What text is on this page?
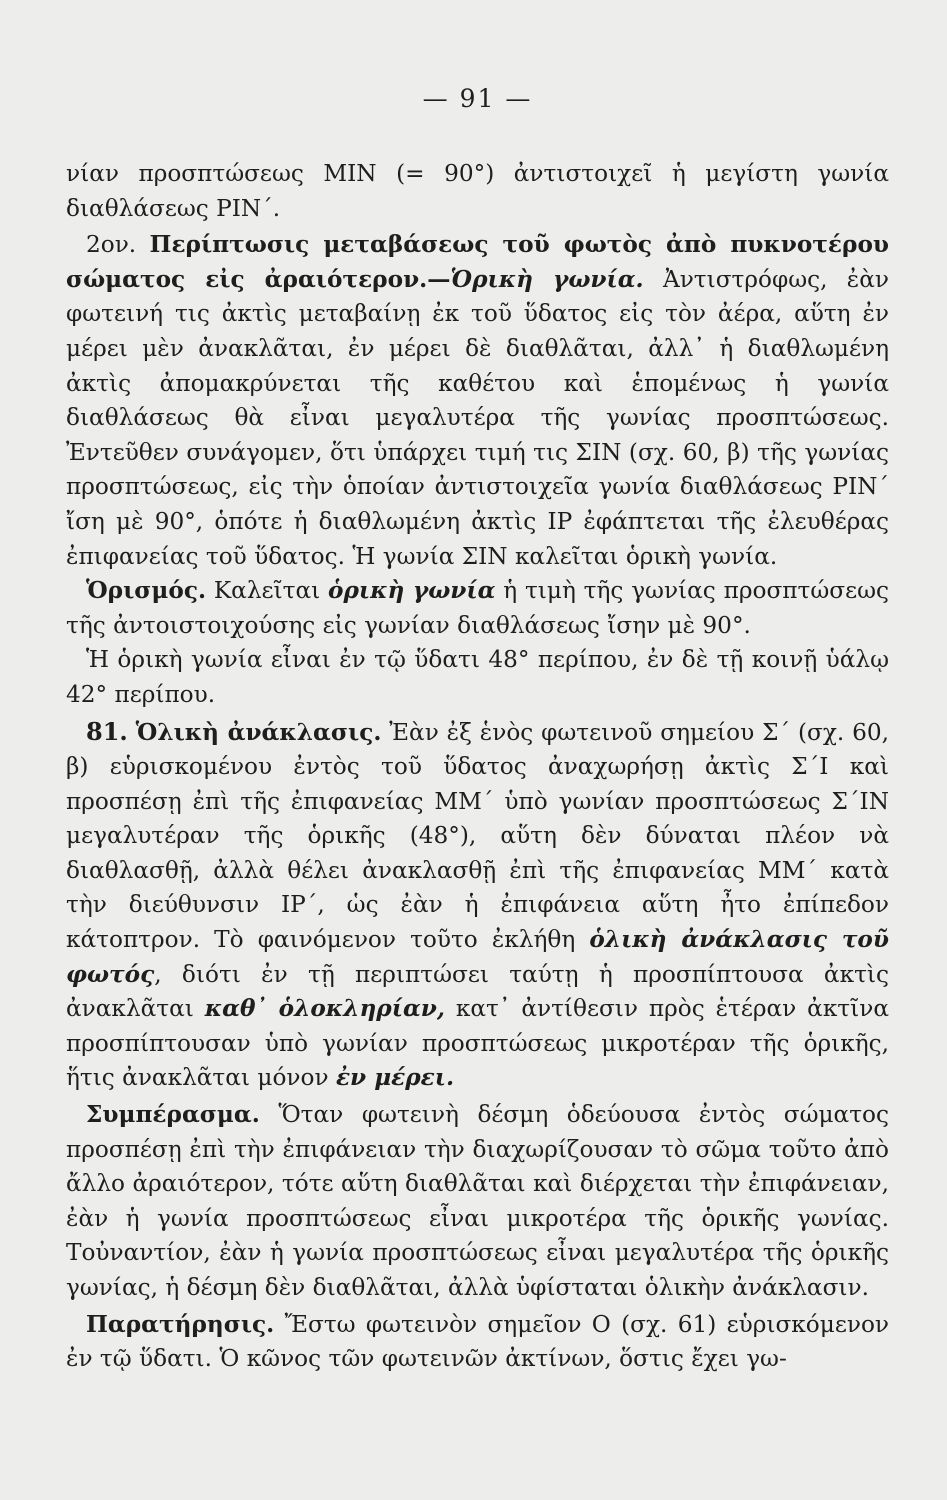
— 91 —

νίαν προσπτώσεως ΜΙΝ (= 90°) ἀντιστοιχεῖ ἡ μεγίστη γωνία διαθλάσεως ΡΙΝ΄.

2ον. Περίπτωσις μεταβάσεως τοῦ φωτὸς ἀπὸ πυκνοτέρου σώματος εἰς ἀραιότερον.—Ὁρικὴ γωνία. Ἀντιστρόφως, ἐὰν φωτεινή τις ἀκτὶς μεταβαίνῃ ἐκ τοῦ ὕδατος εἰς τὸν ἀέρα, αὕτη ἐν μέρει μὲν ἀνακλᾶται, ἐν μέρει δὲ διαθλᾶται, ἀλλ᾽ ἡ διαθλωμένη ἀκτὶς ἀπομακρύνεται τῆς καθέτου καὶ ἑπομένως ἡ γωνία διαθλάσεως θὰ εἶναι μεγαλυτέρα τῆς γωνίας προσπτώσεως. Ἐντεῦθεν συνάγομεν, ὅτι ὑπάρχει τιμή τις ΣΙΝ (σχ. 60, β) τῆς γωνίας προσπτώσεως, εἰς τὴν ὁποίαν ἀντιστοιχεῖα γωνία διαθλάσεως ΡΙΝ΄ ἴση μὲ 90°, ὁπότε ἡ διαθλωμένη ἀκτὶς ΙΡ ἐφάπτεται τῆς ἐλευθέρας ἐπιφανείας τοῦ ὕδατος. Ἡ γωνία ΣΙΝ καλεῖται ὁρικὴ γωνία.

Ὁρισμός. Καλεῖται ὁρικὴ γωνία ἡ τιμὴ τῆς γωνίας προσπτώσεως τῆς ἀντοιστοιχούσης εἰς γωνίαν διαθλάσεως ἴσην μὲ 90°.

Ἡ ὁρικὴ γωνία εἶναι ἐν τῷ ὕδατι 48° περίπου, ἐν δὲ τῇ κοινῇ ὑάλῳ 42° περίπου.

81. Ὁλικὴ ἀνάκλασις. Ἐὰν ἐξ ἑνὸς φωτεινοῦ σημείου Σ΄ (σχ. 60, β) εὑρισκομένου ἐντὸς τοῦ ὕδατος ἀναχωρήσῃ ἀκτὶς Σ΄Ι καὶ προσπέσῃ ἐπὶ τῆς ἐπιφανείας ΜΜ΄ ὑπὸ γωνίαν προσπτώσεως Σ΄ΙΝ μεγαλυτέραν τῆς ὁρικῆς (48°), αὕτη δὲν δύναται πλέον νὰ διαθλασθῇ, ἀλλὰ θέλει ἀνακλασθῇ ἐπὶ τῆς ἐπιφανείας ΜΜ΄ κατὰ τὴν διεύθυνσιν ΙΡ΄, ὡς ἐὰν ἡ ἐπιφάνεια αὕτη ἦτο ἐπίπεδον κάτοπτρον. Τὸ φαινόμενον τοῦτο ἐκλήθη ὁλικὴ ἀνάκλασις τοῦ φωτός, διότι ἐν τῇ περιπτώσει ταύτῃ ἡ προσπίπτουσα ἀκτὶς ἀνακλᾶται καθ᾽ ὁλοκληρίαν, κατ᾽ ἀντίθεσιν πρὸς ἑτέραν ἀκτῖνα προσπίπτουσαν ὑπὸ γωνίαν προσπτώσεως μικροτέραν τῆς ὁρικῆς, ἥτις ἀνακλᾶται μόνον ἐν μέρει.

Συμπέρασμα. Ὅταν φωτεινὴ δέσμη ὁδεύουσα ἐντὸς σώματος προσπέσῃ ἐπὶ τὴν ἐπιφάνειαν τὴν διαχωρίζουσαν τὸ σῶμα τοῦτο ἀπὸ ἄλλο ἀραιότερον, τότε αὕτη διαθλᾶται καὶ διέρχεται τὴν ἐπιφάνειαν, ἐὰν ἡ γωνία προσπτώσεως εἶναι μικροτέρα τῆς ὁρικῆς γωνίας. Τοὐναντίον, ἐὰν ἡ γωνία προσπτώσεως εἶναι μεγαλυτέρα τῆς ὁρικῆς γωνίας, ἡ δέσμη δὲν διαθλᾶται, ἀλλὰ ὑφίσταται ὁλικὴν ἀνάκλασιν.

Παρατήρησις. Ἔστω φωτεινὸν σημεῖον Ο (σχ. 61) εὑρισκόμενον ἐν τῷ ὕδατι. Ὁ κῶνος τῶν φωτεινῶν ἀκτίνων, ὅστις ἔχει γω-
